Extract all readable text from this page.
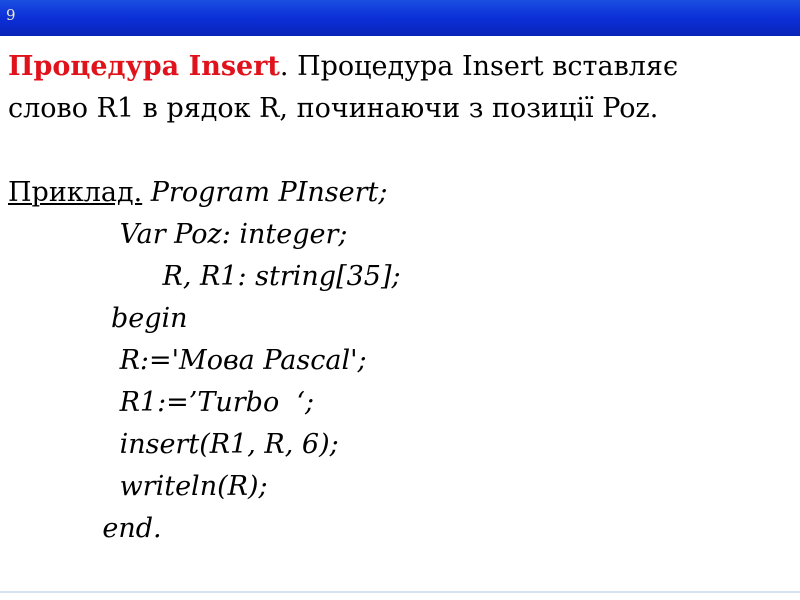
9

Процедура Insert. Процедура Insert вставляє
слово R1 в рядок R, починаючи з позиції Poz.

Приклад. Program PInsert;

Var Poz: integer;

R, R1: string[35];

begin

R:='Мова Pascal';

R1:=’Turbo  ‘;

insert(R1, R, 6);

writeln(R);

end.
